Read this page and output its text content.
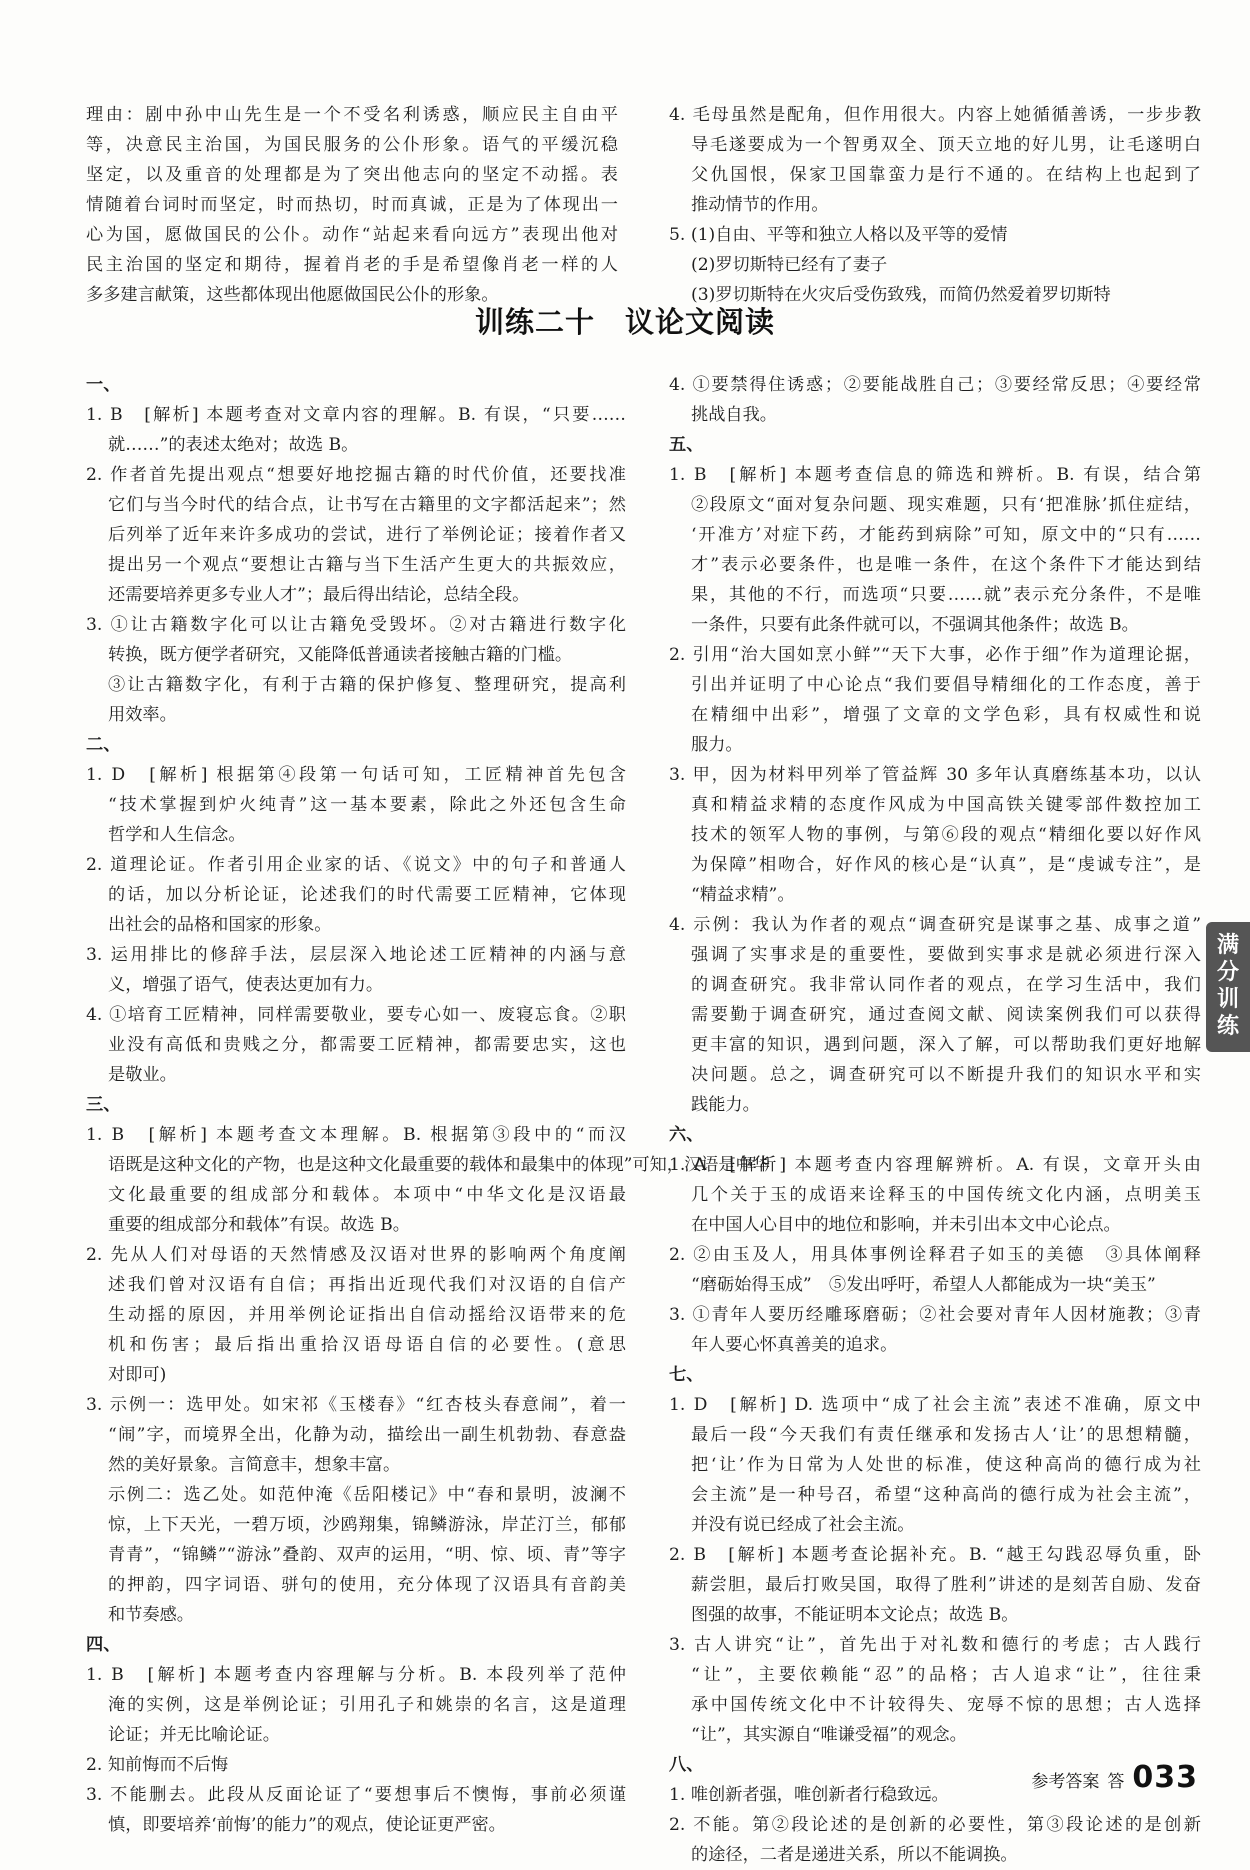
理由：剧中孙中山先生是一个不受名利诱惑，顺应民主自由平
等，决意民主治国，为国民服务的公仆形象。语气的平缓沉稳
坚定，以及重音的处理都是为了突出他志向的坚定不动摇。表
情随着台词时而坚定，时而热切，时而真诚，正是为了体现出一
心为国，愿做国民的公仆。动作“站起来看向远方”表现出他对
民主治国的坚定和期待，握着肖老的手是希望像肖老一样的人
多多建言献策，这些都体现出他愿做国民公仆的形象。
4. 毛母虽然是配角，但作用很大。内容上她循循善诱，一步步教
导毛遂要成为一个智勇双全、顶天立地的好儿男，让毛遂明白
父仇国恨，保家卫国靠蛮力是行不通的。在结构上也起到了
推动情节的作用。
5. (1)自由、平等和独立人格以及平等的爱情
(2)罗切斯特已经有了妻子
(3)罗切斯特在火灾后受伤致残，而简仍然爱着罗切斯特
训练二十　议论文阅读
一、
1. B　[解析] 本题考查对文章内容的理解。B. 有误，“只要……
就……”的表述太绝对；故选 B。
2. 作者首先提出观点“想要好地挖掘古籍的时代价值，还要找准
它们与当今时代的结合点，让书写在古籍里的文字都活起来”；然
后列举了近年来许多成功的尝试，进行了举例论证；接着作者又
提出另一个观点“要想让古籍与当下生活产生更大的共振效应，
还需要培养更多专业人才”；最后得出结论，总结全段。
3. ①让古籍数字化可以让古籍免受毁坏。②对古籍进行数字化
转换，既方便学者研究，又能降低普通读者接触古籍的门槛。
③让古籍数字化，有利于古籍的保护修复、整理研究，提高利
用效率。
二、
1. D　[解析] 根据第④段第一句话可知，工匠精神首先包含
“技术掌握到炉火纯青”这一基本要素，除此之外还包含生命
哲学和人生信念。
2. 道理论证。作者引用企业家的话、《说文》中的句子和普通人
的话，加以分析论证，论述我们的时代需要工匠精神，它体现
出社会的品格和国家的形象。
3. 运用排比的修辞手法，层层深入地论述工匠精神的内涵与意
义，增强了语气，使表达更加有力。
4. ①培育工匠精神，同样需要敬业，要专心如一、废寝忘食。②职
业没有高低和贵贱之分，都需要工匠精神，都需要忠实，这也
是敬业。
三、
1. B　[解析] 本题考查文本理解。B. 根据第③段中的“而汉
语既是这种文化的产物，也是这种文化最重要的载体和最集中的体现”可知，汉语是中华
文化最重要的组成部分和载体。本项中“中华文化是汉语最
重要的组成部分和载体”有误。故选 B。
2. 先从人们对母语的天然情感及汉语对世界的影响两个角度阐
述我们曾对汉语有自信；再指出近现代我们对汉语的自信产
生动摇的原因，并用举例论证指出自信动摇给汉语带来的危
机和伤害；最后指出重拾汉语母语自信的必要性。(意思
对即可)
3. 示例一：选甲处。如宋祁《玉楼春》“红杏枝头春意闹”，着一
“闹”字，而境界全出，化静为动，描绘出一副生机勃勃、春意盎
然的美好景象。言简意丰，想象丰富。
示例二：选乙处。如范仲淹《岳阳楼记》中“春和景明，波澜不
惊，上下天光，一碧万顷，沙鸥翔集，锦鳞游泳，岸芷汀兰，郁郁
青青”，“锦鳞”“游泳”叠韵、双声的运用，“明、惊、顷、青”等字
的押韵，四字词语、骈句的使用，充分体现了汉语具有音韵美
和节奏感。
四、
1. B　[解析] 本题考查内容理解与分析。B. 本段列举了范仲
淹的实例，这是举例论证；引用孔子和姚崇的名言，这是道理
论证；并无比喻论证。
2. 知前悔而不后悔
3. 不能删去。此段从反面论证了“要想事后不懊悔，事前必须谨
慎，即要培养‘前悔’的能力”的观点，使论证更严密。
4. ①要禁得住诱惑；②要能战胜自己；③要经常反思；④要经常
挑战自我。
五、
1. B　[解析] 本题考查信息的筛选和辨析。B. 有误，结合第
②段原文“面对复杂问题、现实难题，只有‘把准脉’抓住症结，
‘开准方’对症下药，才能药到病除”可知，原文中的“只有……
才”表示必要条件，也是唯一条件，在这个条件下才能达到结
果，其他的不行，而选项“只要……就”表示充分条件，不是唯
一条件，只要有此条件就可以，不强调其他条件；故选 B。
2. 引用“治大国如烹小鲜”“天下大事，必作于细”作为道理论据，
引出并证明了中心论点“我们要倡导精细化的工作态度，善于
在精细中出彩”，增强了文章的文学色彩，具有权威性和说
服力。
3. 甲，因为材料甲列举了管益辉 30 多年认真磨练基本功，以认
真和精益求精的态度作风成为中国高铁关键零部件数控加工
技术的领军人物的事例，与第⑥段的观点“精细化要以好作风
为保障”相吻合，好作风的核心是“认真”，是“虔诚专注”，是
“精益求精”。
4. 示例：我认为作者的观点“调查研究是谋事之基、成事之道”
强调了实事求是的重要性，要做到实事求是就必须进行深入
的调查研究。我非常认同作者的观点，在学习生活中，我们
需要勤于调查研究，通过查阅文献、阅读案例我们可以获得
更丰富的知识，遇到问题，深入了解，可以帮助我们更好地解
决问题。总之，调查研究可以不断提升我们的知识水平和实
践能力。
六、
1. A　[解析] 本题考查内容理解辨析。A. 有误，文章开头由
几个关于玉的成语来诠释玉的中国传统文化内涵，点明美玉
在中国人心目中的地位和影响，并未引出本文中心论点。
2. ②由玉及人，用具体事例诠释君子如玉的美德　③具体阐释
“磨砺始得玉成”　⑤发出呼吁，希望人人都能成为一块“美玉”
3. ①青年人要历经雕琢磨砺；②社会要对青年人因材施教；③青
年人要心怀真善美的追求。
七、
1. D　[解析] D. 选项中“成了社会主流”表述不准确，原文中
最后一段“今天我们有责任继承和发扬古人‘让’的思想精髓，
把‘让’作为日常为人处世的标准，使这种高尚的德行成为社
会主流”是一种号召，希望“这种高尚的德行成为社会主流”，
并没有说已经成了社会主流。
2. B　[解析] 本题考查论据补充。B. “越王勾践忍辱负重，卧
薪尝胆，最后打败吴国，取得了胜利”讲述的是刻苦自励、发奋
图强的故事，不能证明本文论点；故选 B。
3. 古人讲究“让”，首先出于对礼数和德行的考虑；古人践行
“让”，主要依赖能“忍”的品格；古人追求“让”，往往秉
承中国传统文化中不计较得失、宠辱不惊的思想；古人选择
“让”，其实源自“唯谦受福”的观念。
八、
1. 唯创新者强，唯创新者行稳致远。
2. 不能。第②段论述的是创新的必要性，第③段论述的是创新
的途径，二者是递进关系，所以不能调换。
满
分
训
练
参考答案 答 033
